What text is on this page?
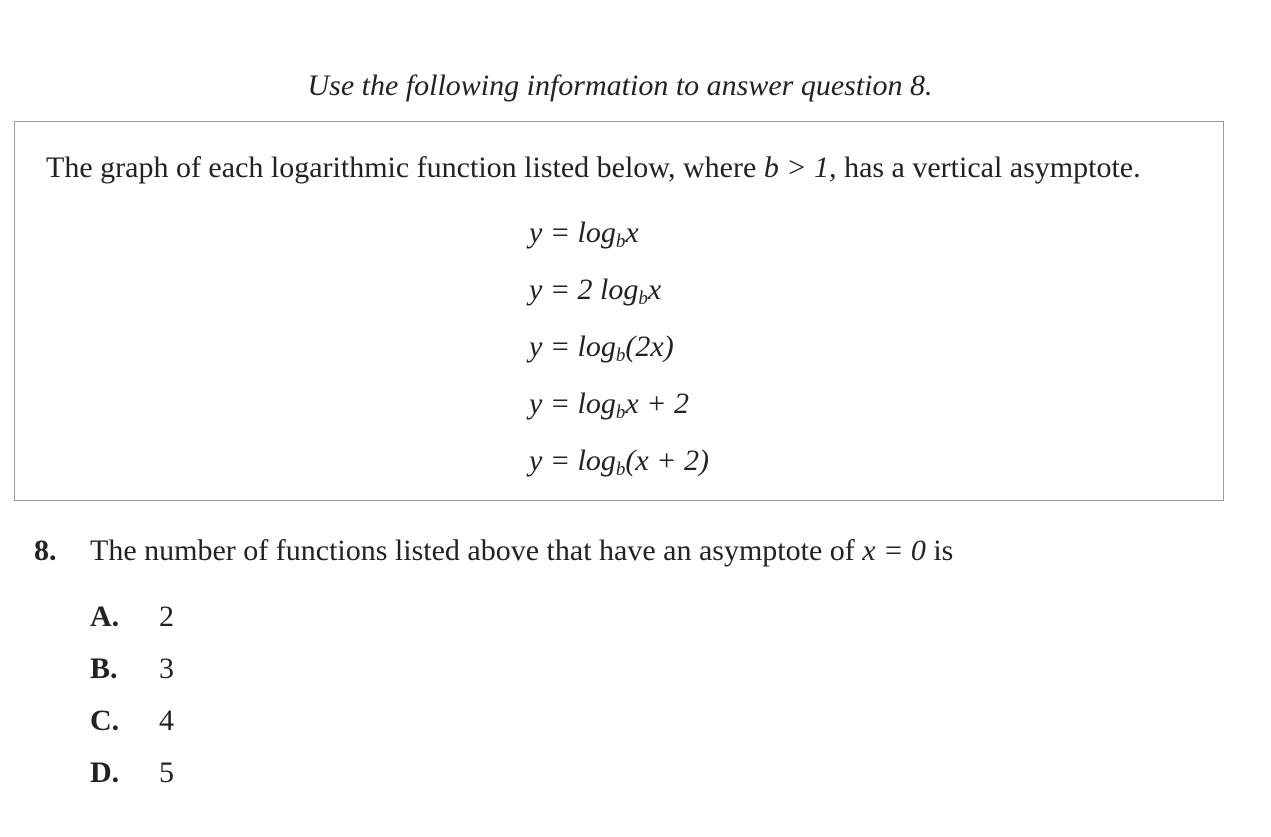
Use the following information to answer question 8.
The graph of each logarithmic function listed below, where b > 1, has a vertical asymptote.
$y = \log_bx$
y = 2 $\log_bx$
$y = \log_b(2x)$
$y = \log_bx + 2$
$y = \log_b(x + 2)$
8. The number of functions listed above that have an asymptote of x = 0 is
A. 2
B. 3
C. 4
D. 5
